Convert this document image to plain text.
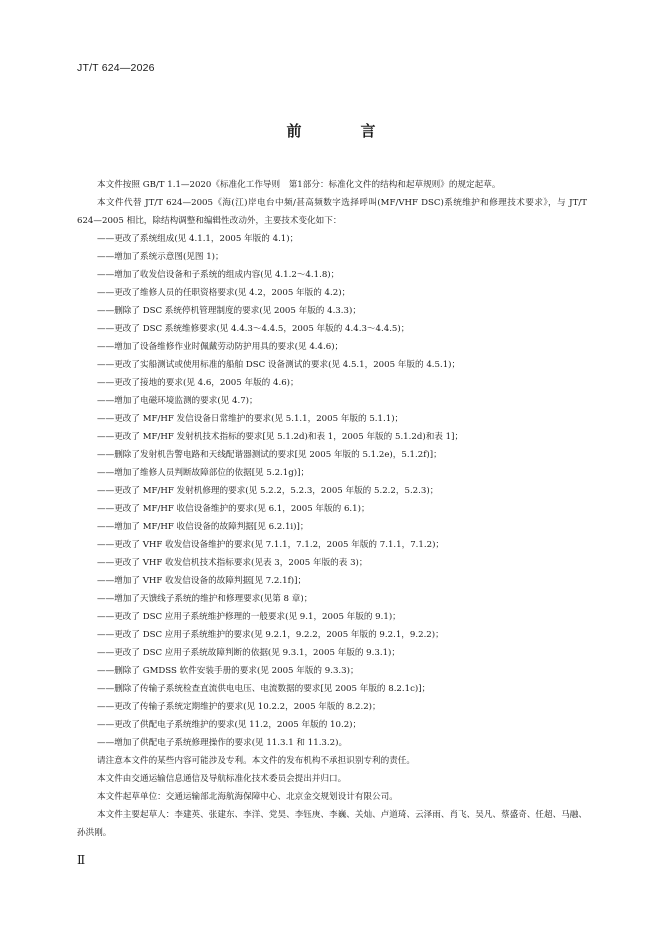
JT/T 624—2026
前　言

本文件按照 GB/T 1.1—2020《标准化工作导则　第1部分：标准化文件的结构和起草规则》的规定起草。

本文件代替 JT/T 624—2005《海(江)岸电台中频/甚高频数字选择呼叫(MF/VHF DSC)系统维护和修理技术要求》，与 JT/T 624—2005 相比，除结构调整和编辑性改动外，主要技术变化如下：

——更改了系统组成(见 4.1.1，2005 年版的 4.1)；
——增加了系统示意图(见图 1)；
——增加了收发信设备和子系统的组成内容(见 4.1.2～4.1.8)；
——更改了维修人员的任职资格要求(见 4.2，2005 年版的 4.2)；
——删除了 DSC 系统停机管理制度的要求(见 2005 年版的 4.3.3)；
——更改了 DSC 系统维修要求(见 4.4.3～4.4.5，2005 年版的 4.4.3～4.4.5)；
——增加了设备维修作业时佩戴劳动防护用具的要求(见 4.4.6)；
——更改了实船测试或使用标准的船舶 DSC 设备测试的要求(见 4.5.1，2005 年版的 4.5.1)；
——更改了接地的要求(见 4.6，2005 年版的 4.6)；
——增加了电磁环境监测的要求(见 4.7)；
——更改了 MF/HF 发信设备日常维护的要求(见 5.1.1，2005 年版的 5.1.1)；
——更改了 MF/HF 发射机技术指标的要求[见 5.1.2d)和表 1，2005 年版的 5.1.2d)和表 1]；
——删除了发射机告警电路和天线配谐器测试的要求[见 2005 年版的 5.1.2e)，5.1.2f)]；
——增加了维修人员判断故障部位的依据[见 5.2.1g)]；
——更改了 MF/HF 发射机修理的要求(见 5.2.2，5.2.3，2005 年版的 5.2.2，5.2.3)；
——更改了 MF/HF 收信设备维护的要求(见 6.1，2005 年版的 6.1)；
——增加了 MF/HF 收信设备的故障判据[见 6.2.1i)]；
——更改了 VHF 收发信设备维护的要求(见 7.1.1，7.1.2，2005 年版的 7.1.1，7.1.2)；
——更改了 VHF 收发信机技术指标要求(见表 3，2005 年版的表 3)；
——增加了 VHF 收发信设备的故障判据[见 7.2.1f)]；
——增加了天馈线子系统的维护和修理要求(见第 8 章)；
——更改了 DSC 应用子系统维护修理的一般要求(见 9.1，2005 年版的 9.1)；
——更改了 DSC 应用子系统维护的要求(见 9.2.1，9.2.2，2005 年版的 9.2.1，9.2.2)；
——更改了 DSC 应用子系统故障判断的依据(见 9.3.1，2005 年版的 9.3.1)；
——删除了 GMDSS 软件安装手册的要求(见 2005 年版的 9.3.3)；
——删除了传输子系统检查直流供电电压、电流数据的要求[见 2005 年版的 8.2.1c)]；
——更改了传输子系统定期维护的要求(见 10.2.2，2005 年版的 8.2.2)；
——更改了供配电子系统维护的要求(见 11.2，2005 年版的 10.2)；
——增加了供配电子系统修理操作的要求(见 11.3.1 和 11.3.2)。

请注意本文件的某些内容可能涉及专利。本文件的发布机构不承担识别专利的责任。

本文件由交通运输信息通信及导航标准化技术委员会提出并归口。

本文件起草单位：交通运输部北海航海保障中心、北京金交规划设计有限公司。

本文件主要起草人：李建英、张建东、李洋、党昊、李钰庚、李巍、关灿、卢道琦、云泽雨、肖飞、吴凡、蔡盛奇、任超、马融、孙洪刚。

Ⅱ
